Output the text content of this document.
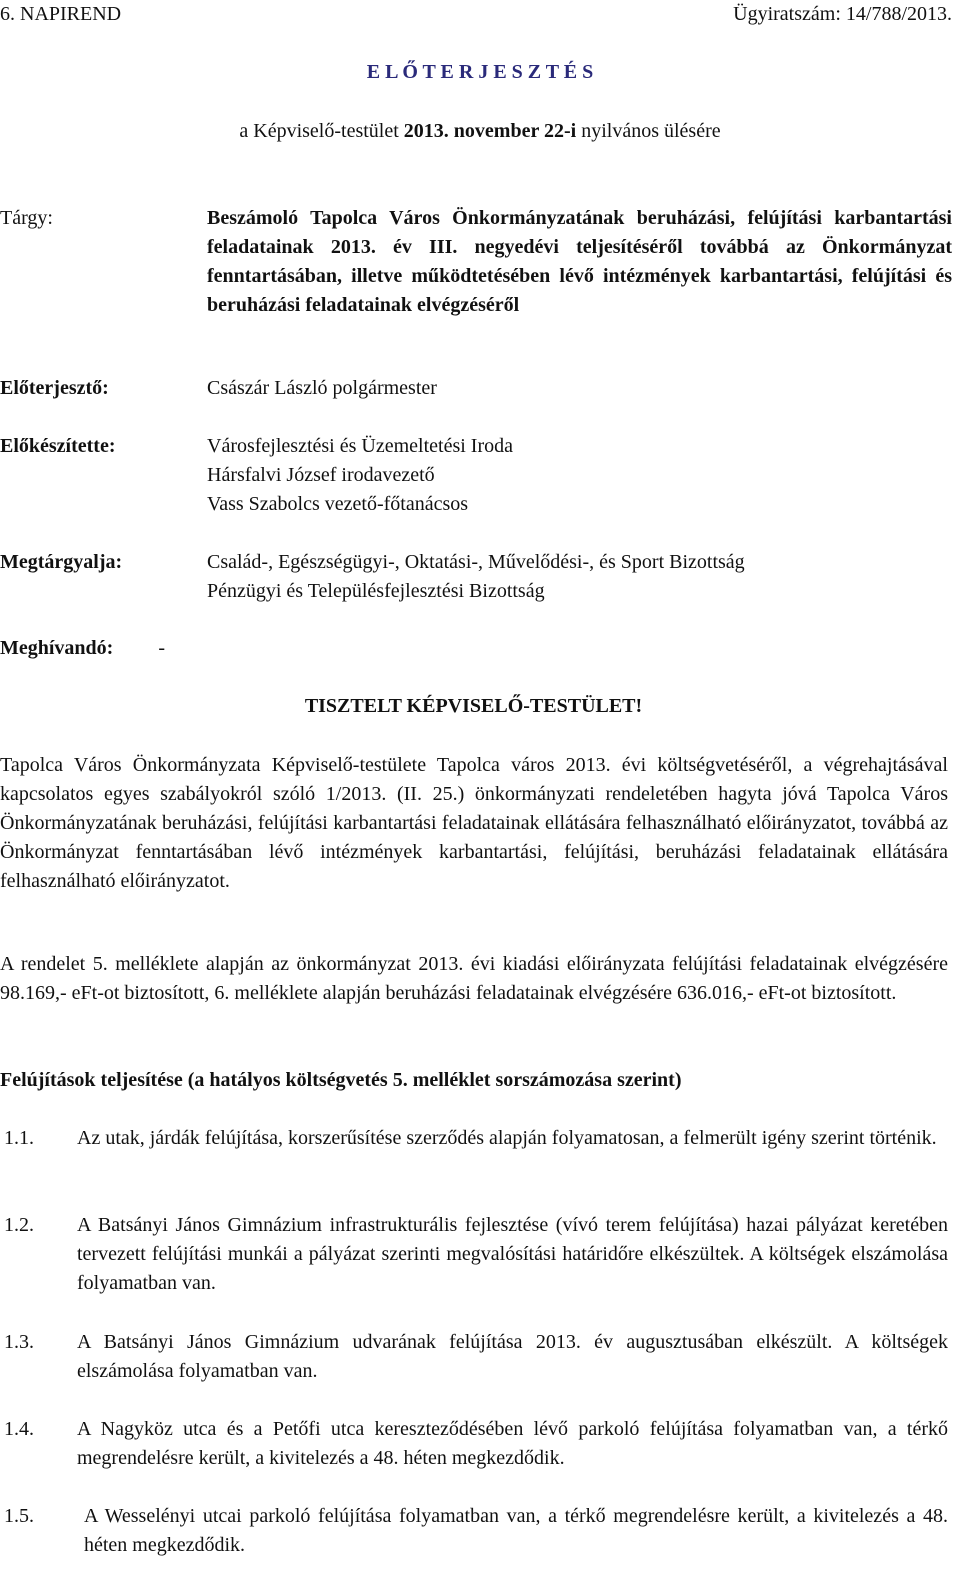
6. NAPIREND	Ügyiratszám: 14/788/2013.
E L Ő T E R J E S Z T É S
a Képviselő-testület 2013. november 22-i nyilvános ülésére
Tárgy:	Beszámoló Tapolca Város Önkormányzatának beruházási, felújítási karbantartási feladatainak 2013. év III. negyedévi teljesítéséről továbbá az Önkormányzat fenntartásában, illetve működtetésében lévő intézmények karbantartási, felújítási és beruházási feladatainak elvégzéséről
Előterjesztő:	Császár László polgármester
Előkészítette:	Városfejlesztési és Üzemeltetési Iroda
Hársfalvi József irodavezető
Vass Szabolcs vezető-főtanácsos
Megtárgyalja:	Család-, Egészségügyi-, Oktatási-, Művelődési-, és Sport Bizottság
Pénzügyi és Településfejlesztési Bizottság
Meghívandó: -
TISZTELT KÉPVISELŐ-TESTÜLET!

Tapolca Város Önkormányzata Képviselő-testülete Tapolca város 2013. évi költségvetéséről, a végrehajtásával kapcsolatos egyes szabályokról szóló 1/2013. (II. 25.) önkormányzati rendeletében hagyta jóvá Tapolca Város Önkormányzatának beruházási, felújítási karbantartási feladatainak ellátására felhasználható előirányzatot, továbbá az Önkormányzat fenntartásában lévő intézmények karbantartási, felújítási, beruházási feladatainak ellátására felhasználható előirányzatot.

A rendelet 5. melléklete alapján az önkormányzat 2013. évi kiadási előirányzata felújítási feladatainak elvégzésére 98.169,- eFt-ot biztosított, 6. melléklete alapján beruházási feladatainak elvégzésére 636.016,- eFt-ot biztosított.

Felújítások teljesítése (a hatályos költségvetés 5. melléklet sorszámozása szerint)
1.1. Az utak, járdák felújítása, korszerűsítése szerződés alapján folyamatosan, a felmerült igény szerint történik.
1.2. A Batsányi János Gimnázium infrastrukturális fejlesztése (vívó terem felújítása) hazai pályázat keretében tervezett felújítási munkái a pályázat szerinti megvalósítási határidőre elkészültek. A költségek elszámolása folyamatban van.
1.3. A Batsányi János Gimnázium udvarának felújítása 2013. év augusztusában elkészült. A költségek elszámolása folyamatban van.
1.4. A Nagyköz utca és a Petőfi utca kereszteződésében lévő parkoló felújítása folyamatban van, a térkő megrendelésre került, a kivitelezés a 48. héten megkezdődik.
1.5.	A Wesselényi utcai parkoló felújítása folyamatban van, a térkő megrendelésre került, a kivitelezés a 48. héten megkezdődik.
